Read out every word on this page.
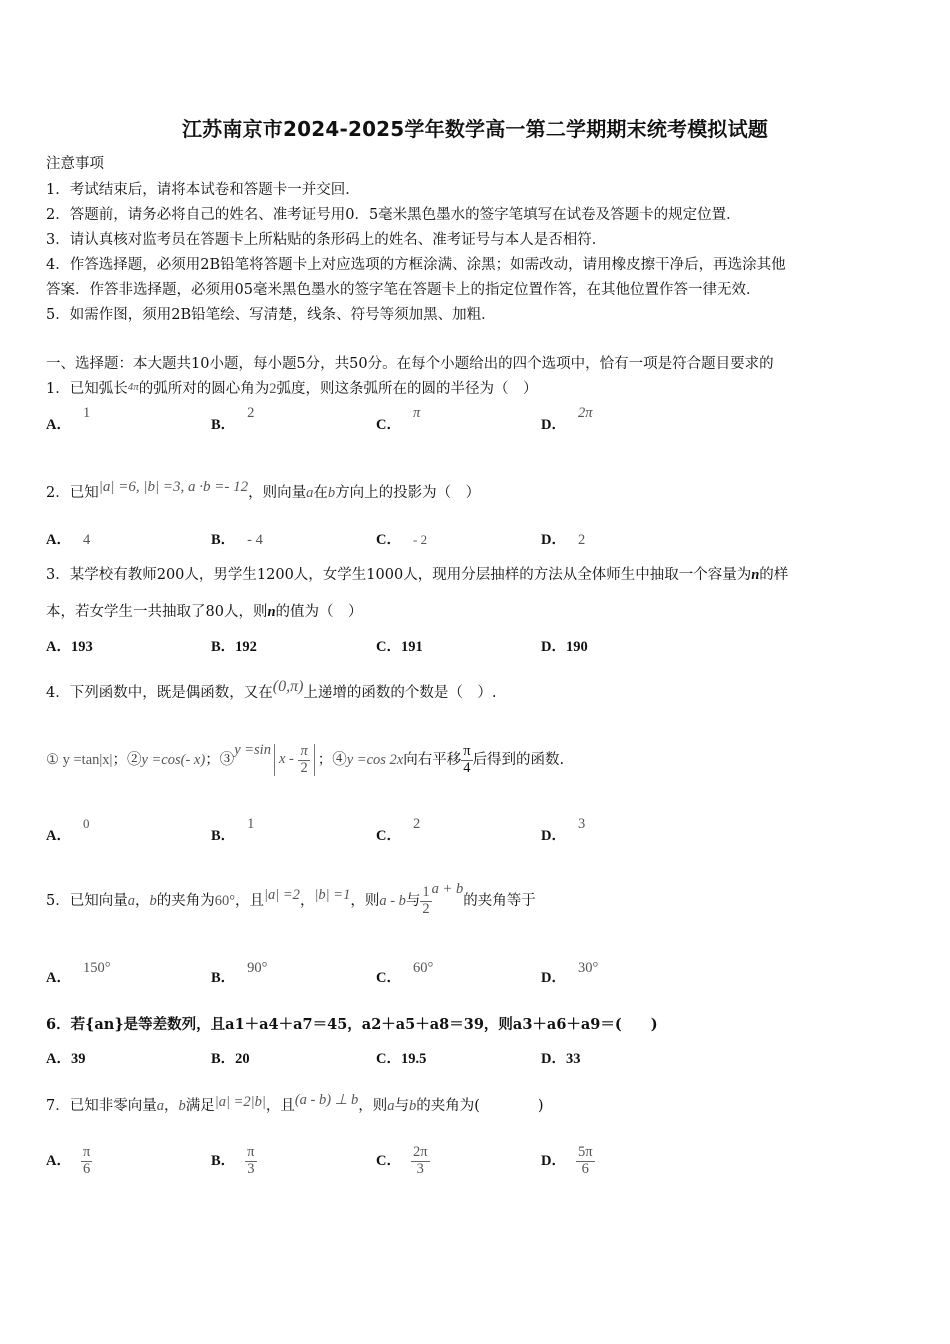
江苏南京市2024-2025学年数学高一第二学期期末统考模拟试题
注意事项
1．考试结束后，请将本试卷和答题卡一并交回．
2．答题前，请务必将自己的姓名、准考证号用0．5毫米黑色墨水的签字笔填写在试卷及答题卡的规定位置．
3．请认真核对监考员在答题卡上所粘贴的条形码上的姓名、准考证号与本人是否相符．
4．作答选择题，必须用2B铅笔将答题卡上对应选项的方框涂满、涂黑；如需改动，请用橡皮擦干净后，再选涂其他
答案．作答非选择题，必须用05毫米黑色墨水的签字笔在答题卡上的指定位置作答，在其他位置作答一律无效．
5．如需作图，须用2B铅笔绘、写清楚，线条、符号等须加黑、加粗．
一、选择题：本大题共10小题，每小题5分，共50分。在每个小题给出的四个选项中，恰有一项是符合题目要求的
1．已知弧长$^{4\pi}$的弧所对的圆心角为2弧度，则这条弧所在的圆的半径为（　）
A．1
B．2
C．π
D．2π
2．已知|a| =6, |b| =3, a ·b =- 12，则向量a在b方向上的投影为（　）
A． 4	B． - 4	C． - 2	D． 2
3．某学校有教师200人，男学生1200人，女学生1000人，现用分层抽样的方法从全体师生中抽取一个容量为n的样
本，若女学生一共抽取了80人，则n的值为（　）
A．193	B．192	C．191	D．190
4．下列函数中，既是偶函数，又在(0,π)上递增的函数的个数是（　）.
① y =tan|x|；②y =cos(- x)；③y $=\sin x - \frac{\pi}{2}$ ；④y =cos 2x向右平移 $\frac{\pi}{4}$ 后得到的函数.
A．0
B．1
C．2
D．3
5．已知向量a，b的夹角为60°，且|a| =2，|b| =1，则a - b与 $\frac{1}{2}$ a + b的夹角等于
A．150°
B．90°
C．60°
D．30°
6．若{an}是等差数列，且a1＋a4＋a7＝45，a2＋a5＋a8＝39，则a3＋a6＋a9＝(　　)
A．39	B．20	C．19.5	D．33
7．已知非零向量a，b满足|a| =2|b|，且(a - b) ⊥ b，则a与b的夹角为(　　　　)
A． $\frac{\pi}{6}$	B． $\frac{\pi}{3}$	C． $\frac{2\pi}{3}$	D． $\frac{5\pi}{6}$
